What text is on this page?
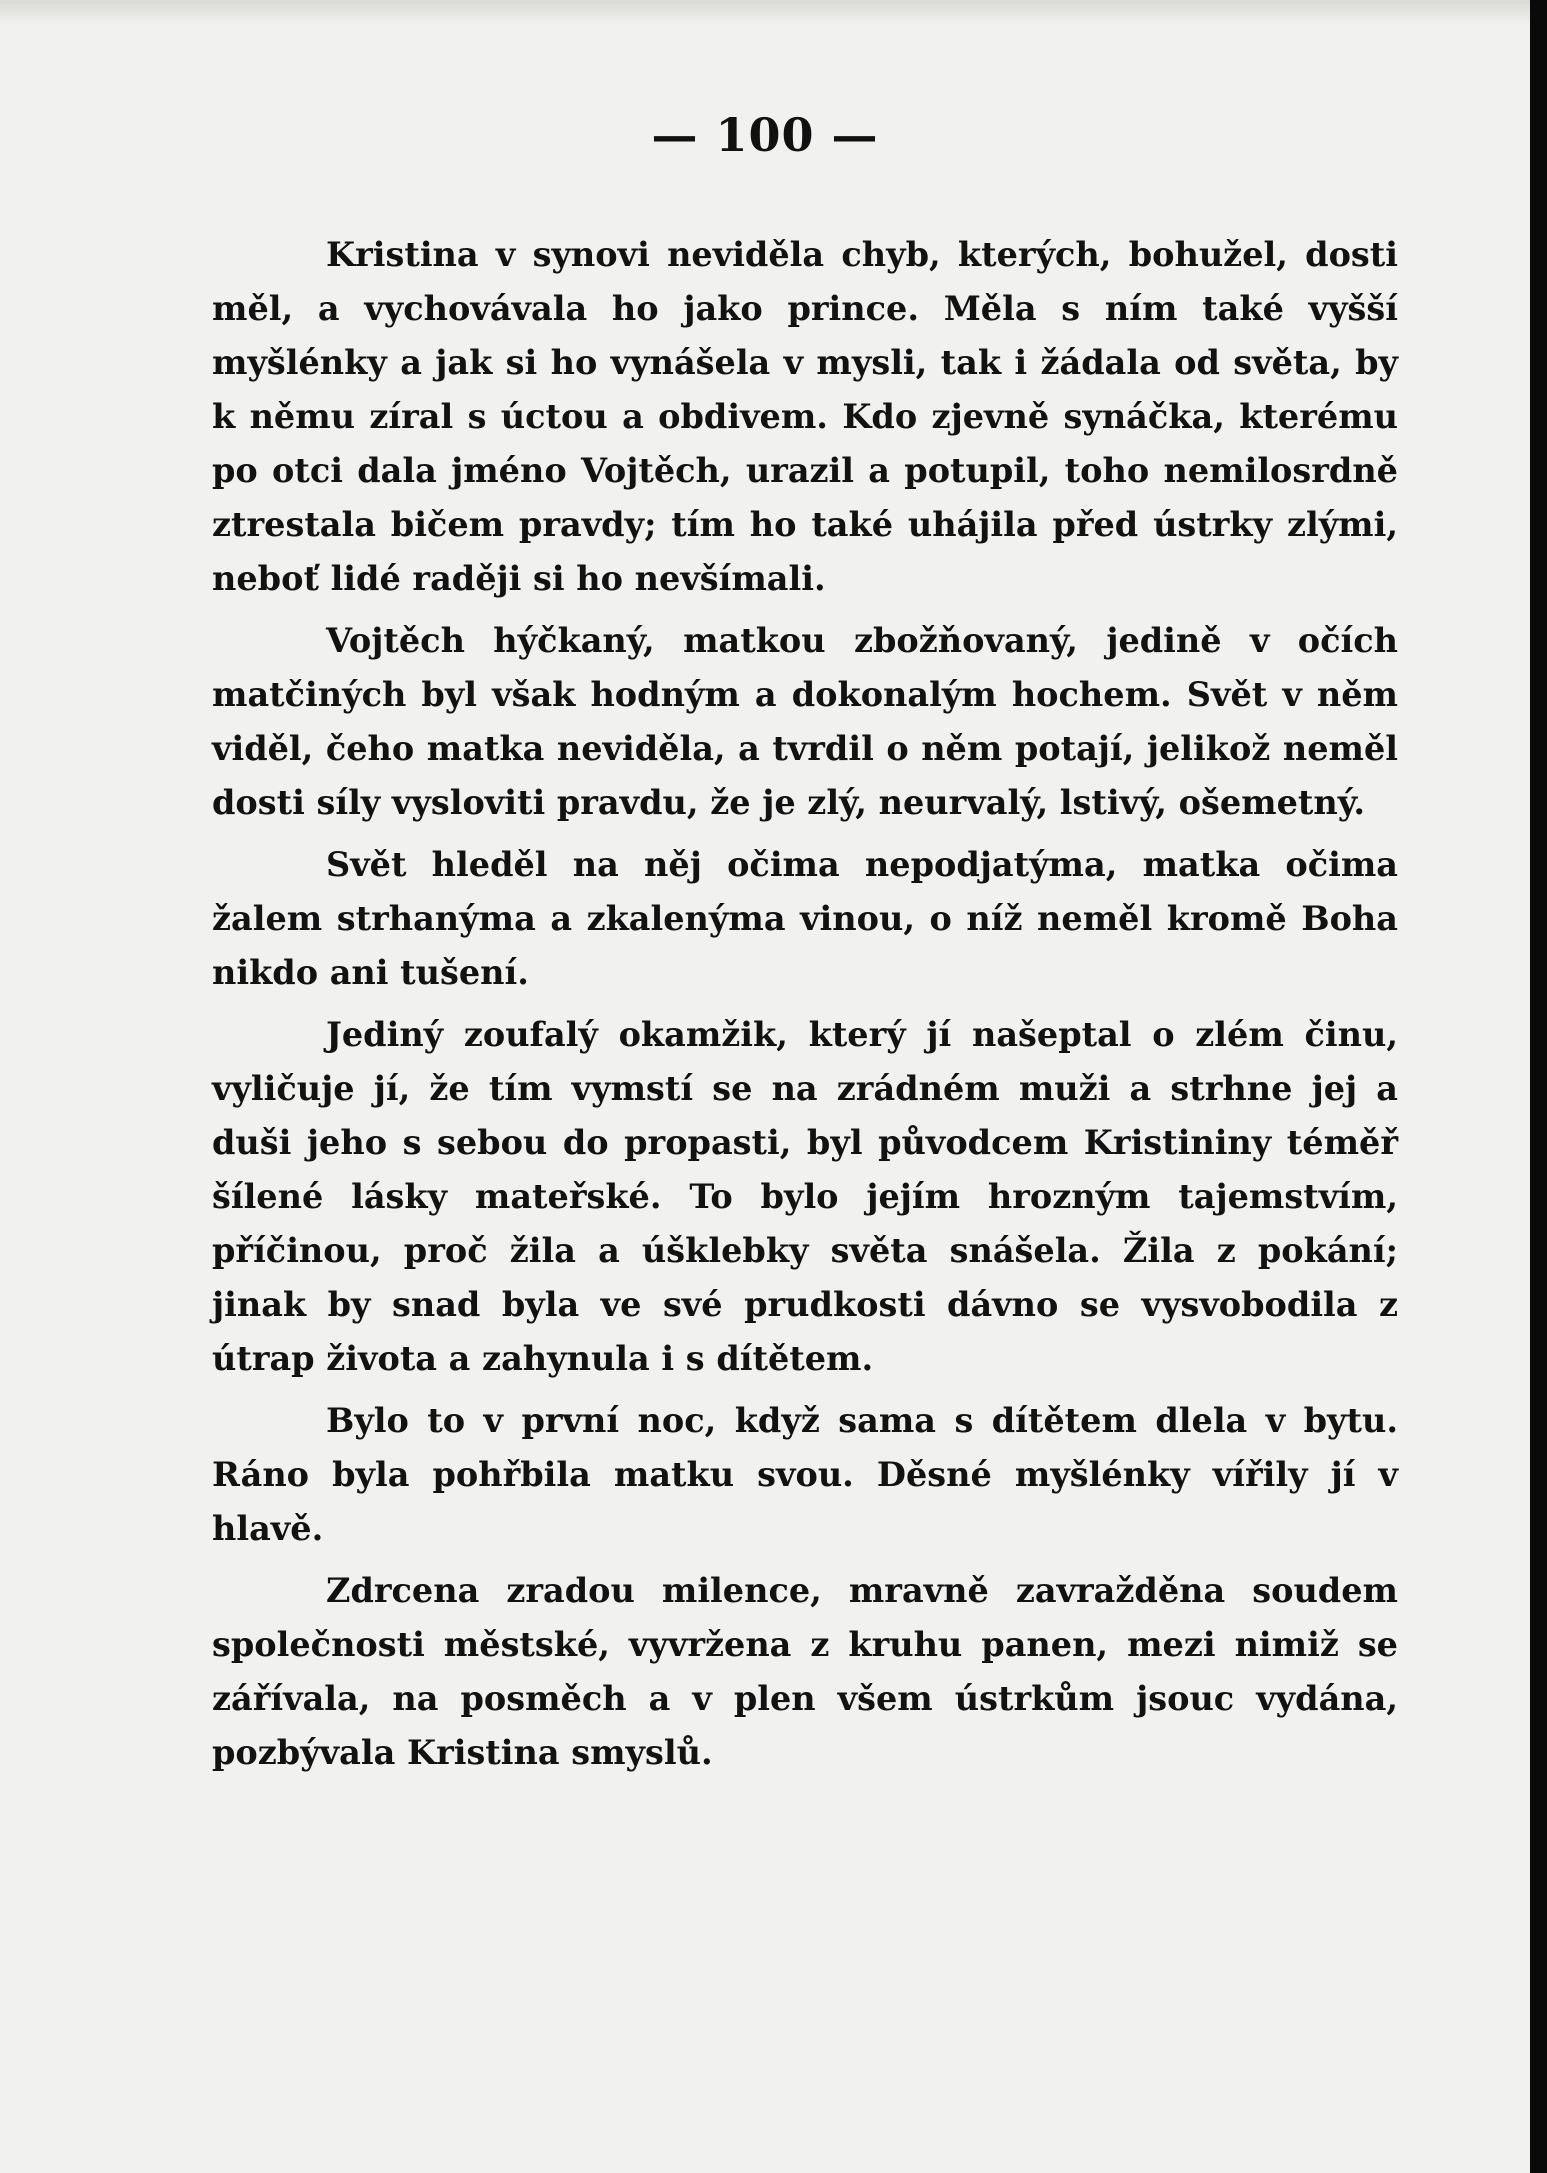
— 100 —

Kristina v synovi neviděla chyb, kterých, bohužel, dosti měl, a vychovávala ho jako prince. Měla s ním také vyšší myšlénky a jak si ho vynášela v mysli, tak i žádala od světa, by k němu zíral s úctou a obdivem. Kdo zjevně synáčka, kterému po otci dala jméno Vojtěch, urazil a potupil, toho nemilosrdně ztrestala bičem pravdy; tím ho také uhájila před ústrky zlými, neboť lidé raději si ho nevšímali.

Vojtěch hýčkaný, matkou zbožňovaný, jedině v očích matčiných byl však hodným a dokonalým hochem. Svět v něm viděl, čeho matka neviděla, a tvrdil o něm potají, jelikož neměl dosti síly vysloviti pravdu, že je zlý, neurvalý, lstivý, ošemetný.

Svět hleděl na něj očima nepodjatýma, matka očima žalem strhanýma a zkalenýma vinou, o níž neměl kromě Boha nikdo ani tušení.

Jediný zoufalý okamžik, který jí našeptal o zlém činu, vyličuje jí, že tím vymstí se na zrádném muži a strhne jej a duši jeho s sebou do propasti, byl původcem Kristininy téměř šílené lásky mateřské. To bylo jejím hrozným tajemstvím, příčinou, proč žila a úšklebky světa snášela. Žila z pokání; jinak by snad byla ve své prudkosti dávno se vysvobodila z útrap života a zahynula i s dítětem.

Bylo to v první noc, když sama s dítětem dlela v bytu. Ráno byla pohřbila matku svou. Děsné myšlénky vířily jí v hlavě.

Zdrcena zradou milence, mravně zavražděna soudem společnosti městské, vyvržena z kruhu panen, mezi nimiž se zářívala, na posměch a v plen všem ústrkům jsouc vydána, pozbývala Kristina smyslů.
